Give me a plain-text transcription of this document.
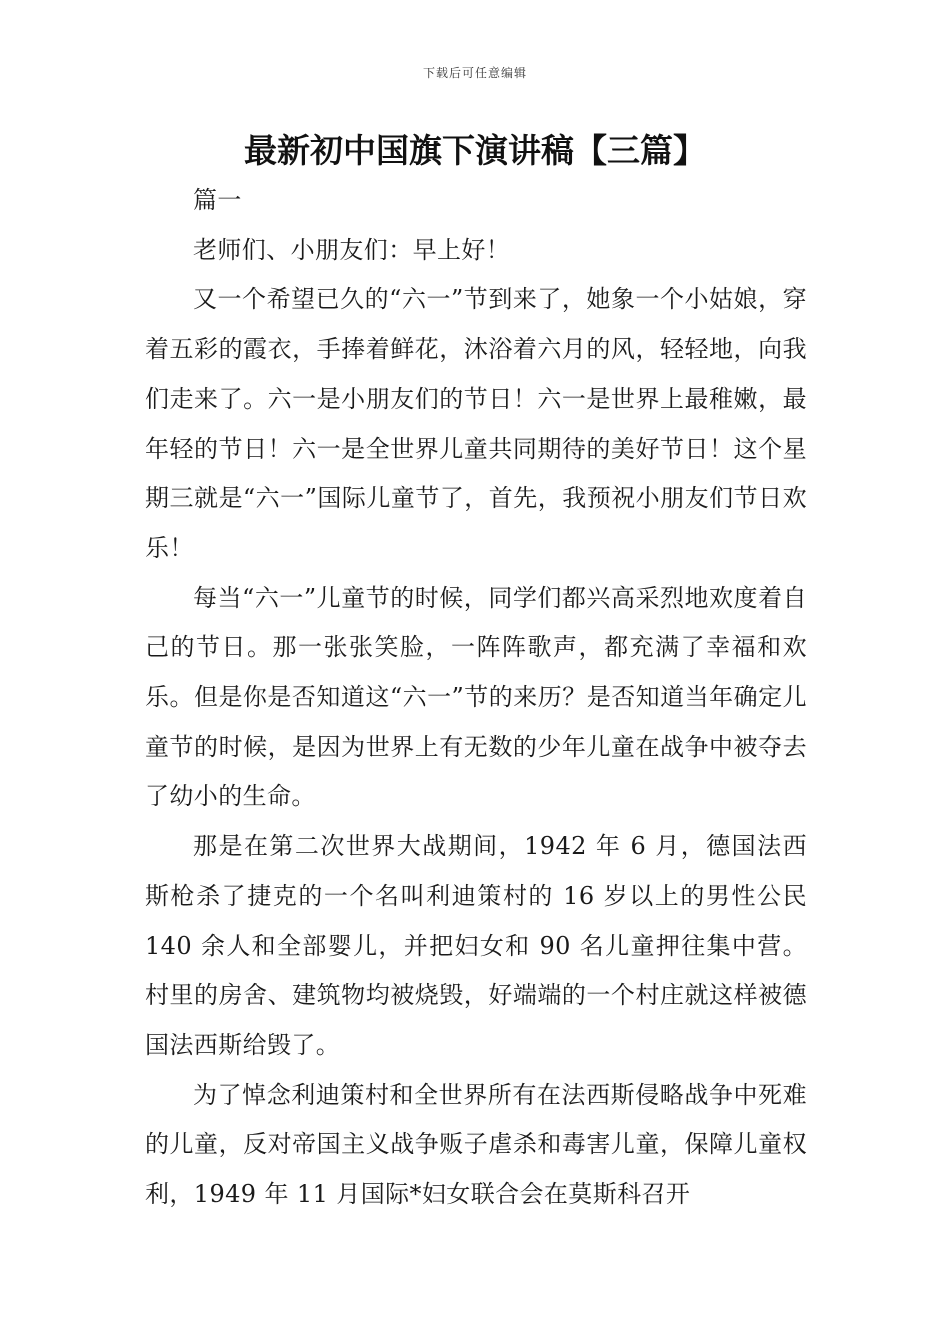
下载后可任意编辑
最新初中国旗下演讲稿【三篇】

篇一

老师们、小朋友们：早上好！

又一个希望已久的“六一”节到来了，她象一个小姑娘，穿着五彩的霞衣，手捧着鲜花，沐浴着六月的风，轻轻地，向我们走来了。六一是小朋友们的节日！六一是世界上最稚嫩，最年轻的节日！六一是全世界儿童共同期待的美好节日！这个星期三就是“六一”国际儿童节了，首先，我预祝小朋友们节日欢乐！

每当“六一”儿童节的时候，同学们都兴高采烈地欢度着自己的节日。那一张张笑脸，一阵阵歌声，都充满了幸福和欢乐。但是你是否知道这“六一”节的来历？是否知道当年确定儿童节的时候，是因为世界上有无数的少年儿童在战争中被夺去了幼小的生命。

那是在第二次世界大战期间，1942 年 6 月，德国法西斯枪杀了捷克的一个名叫利迪策村的 16 岁以上的男性公民 140 余人和全部婴儿，并把妇女和 90 名儿童押往集中营。村里的房舍、建筑物均被烧毁，好端端的一个村庄就这样被德国法西斯给毁了。

为了悼念利迪策村和全世界所有在法西斯侵略战争中死难的儿童，反对帝国主义战争贩子虐杀和毒害儿童，保障儿童权利，1949 年 11 月国际*妇女联合会在莫斯科召开
